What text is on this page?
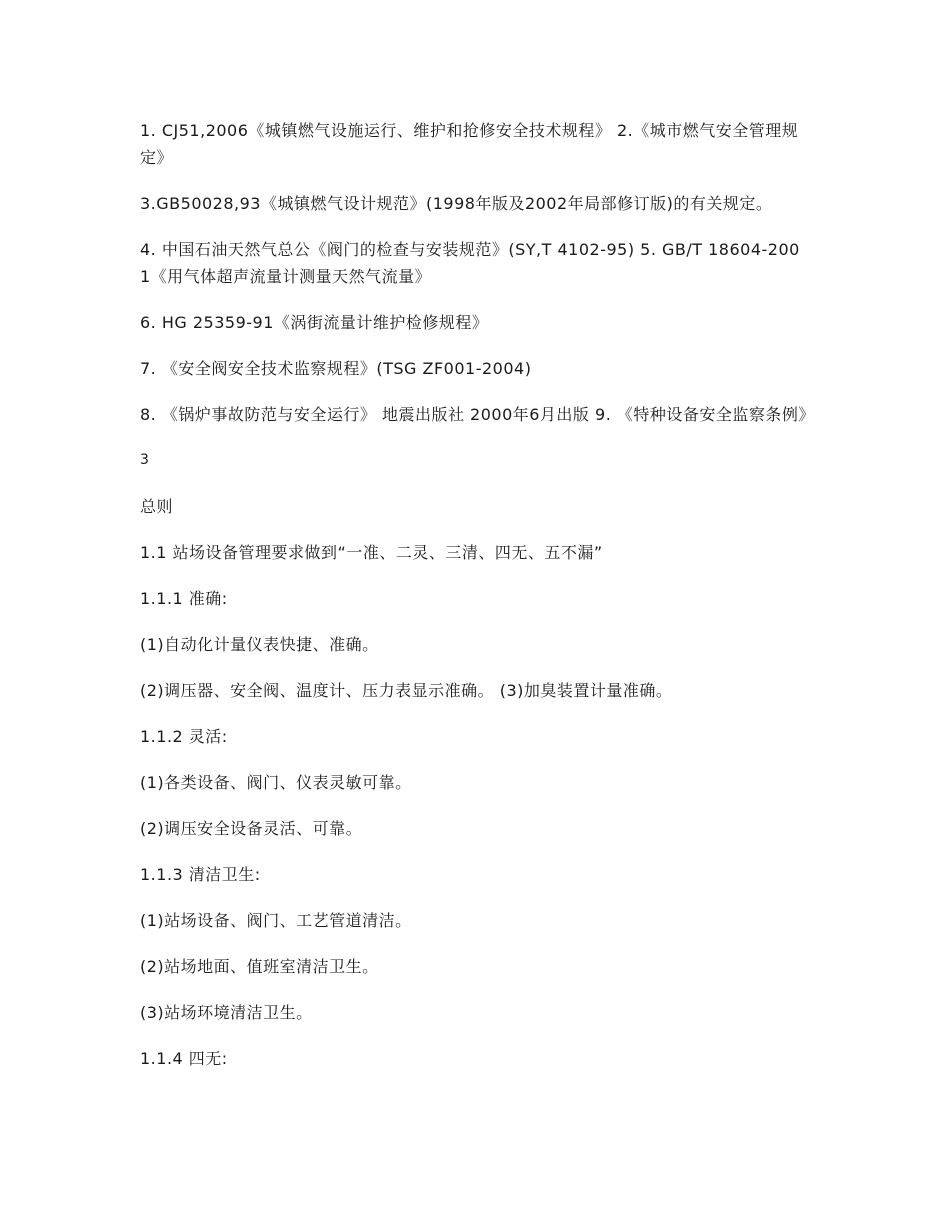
1. CJ51,2006《城镇燃气设施运行、维护和抢修安全技术规程》 2.《城市燃气安全管理规定》

3.GB50028,93《城镇燃气设计规范》(1998年版及2002年局部修订版)的有关规定。

4. 中国石油天然气总公《阀门的检查与安装规范》(SY,T 4102-95) 5. GB/T 18604-2001《用气体超声流量计测量天然气流量》

6. HG 25359-91《涡街流量计维护检修规程》

7. 《安全阀安全技术监察规程》(TSG ZF001-2004)

8. 《锅炉事故防范与安全运行》 地震出版社 2000年6月出版 9. 《特种设备安全监察条例》

3

总则

1.1 站场设备管理要求做到“一准、二灵、三清、四无、五不漏”

1.1.1 准确:

(1)自动化计量仪表快捷、准确。

(2)调压器、安全阀、温度计、压力表显示准确。 (3)加臭装置计量准确。

1.1.2 灵活:

(1)各类设备、阀门、仪表灵敏可靠。

(2)调压安全设备灵活、可靠。

1.1.3 清洁卫生:

(1)站场设备、阀门、工艺管道清洁。

(2)站场地面、值班室清洁卫生。

(3)站场环境清洁卫生。

1.1.4 四无:
